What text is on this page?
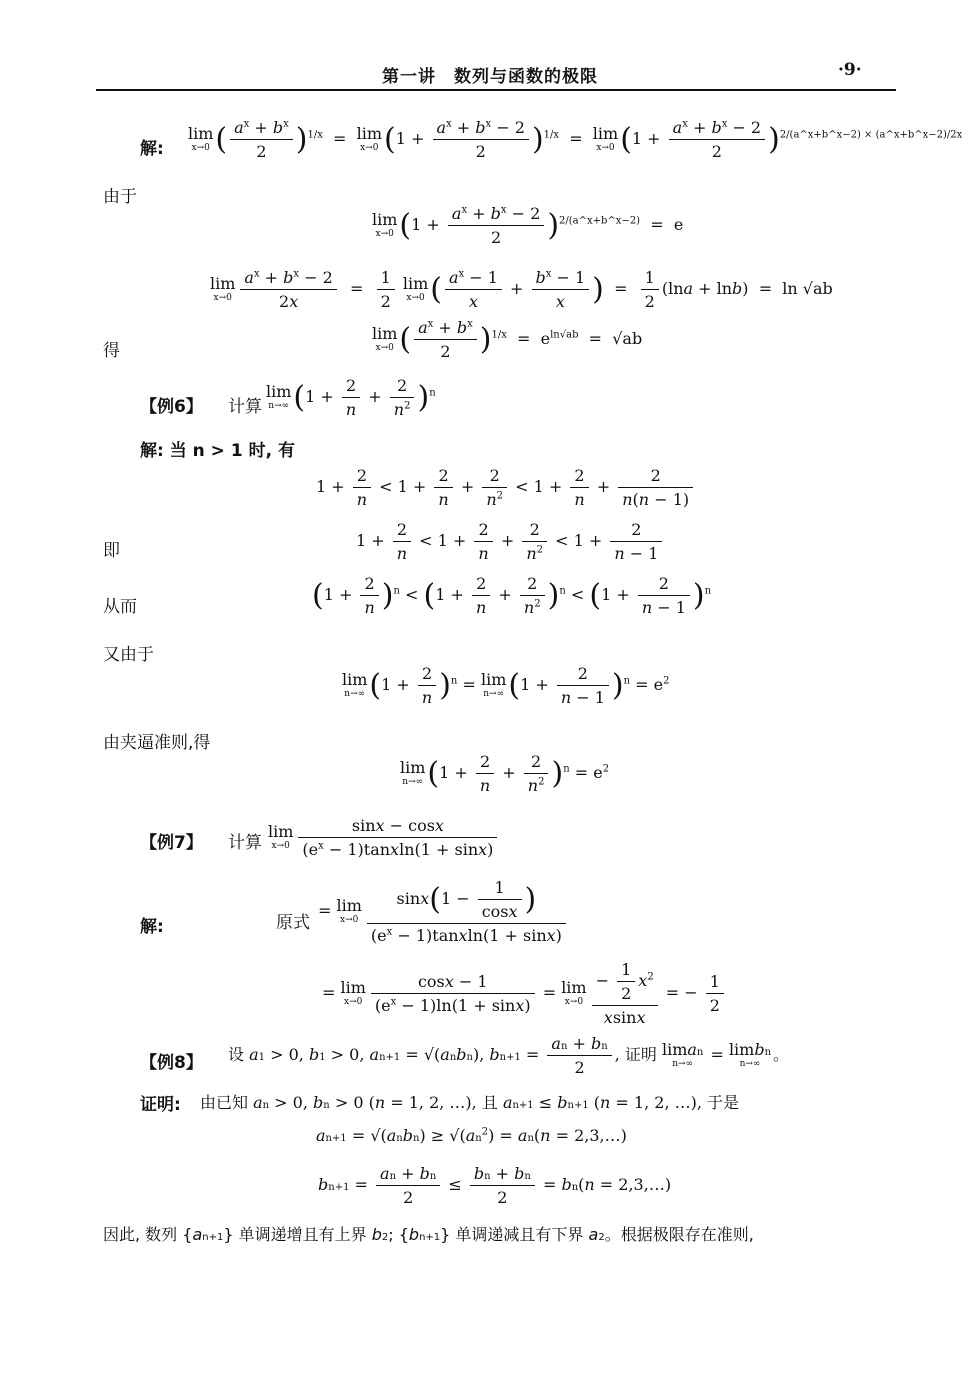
第一讲　数列与函数的极限	·9·
解:
lim
x→0 ( $\frac{a^x + b^x}{2} )^{1/x} = \lim$
x→0 $(1 + \frac{a^x + b^x - 2}{2} )^{1/x} = \lim$
x→0 $(1 + \frac{a^x + b^x - 2}{2} )^{2/(a\^{}x+b\^{}x-2) \times (a\^{}x+b\^{}x-2)/2x}$
由于
lim
x→0 $(1 + \frac{a^x + b^x - 2}{2} )^{2/(a\^{}x+b\^{}x-2)} = e$
lim
$x\to 0 \frac{a^x + b^x - 2}{2x} = \frac{1}{2}$
lim
x→0 ( $\frac{a^x - 1}{x} + \frac{b^x - 1}{x}$ )  = $\frac{1}{2} (\ln a + \ln b) = \ln √ab$
得
lim
x→0 ( $\frac{a^x + b^x}{2} )^{1/x} = e^{ln√ab} = √ab$
【例6】 计算
lim
n→∞ $(1 + \frac{2}{n} + \frac{2}{n^2} )^n$
解: 当 n > 1 时, 有
$1 + \frac{2}{n} < 1 + \frac{2}{n} + \frac{2}{n^2} < 1 + \frac{2}{n} + \frac{2}{n(n - 1)}$
即
$1 + \frac{2}{n} < 1 + \frac{2}{n} + \frac{2}{n^2} < 1 + \frac{2}{n - 1}$
从而	$(1 + \frac{2}{n} )^n < (1 + \frac{2}{n} + \frac{2}{n^2} )^n < (1 + \frac{2}{n - 1} )^n$
又由于
lim
n→∞ $(1 + \frac{2}{n} )^n = \lim$
n→∞ $(1 + \frac{2}{n - 1} )^n = e^2$
由夹逼准则,得
lim
n→∞ $(1 + \frac{2}{n} + \frac{2}{n^2} )^n = e^2$
【例7】 计算
lim
$x\to 0 \frac{\sin x - \cos x}{(e^x - 1)tanxln(1 + \sin x)}$
解:	原式
= lim
$x\to 0 \frac{\sin x(1 - \frac{1}{\cos x} )}{(e^x - 1)tanxln(1 + \sin x)}$
= lim
$x\to 0 \frac{\cos x - 1}{(e^x - 1)\ln(1 + \sin x)} = \lim$
$x\to 0 \frac{- \frac{1}{2} x^2}{xsinx}$ = − $\frac{1}{2}$
【例8】 设 a1 > 0, b1 > 0, an+1 = √(anbn), $bn+1 = \frac{an + bn}{2}$ , 证明 liman
n→∞ = limbn
n→∞ 。
证明: 由已知 an > 0, bn > 0 (n = 1, 2, …), 且 an+1 ≤ bn+1 (n = 1, 2, …), 于是
an+1 = √(anbn) ≥ $√(an^2) = an(n$ = 2,3,…)
$bn+1 = \frac{an + bn}{2} \le \frac{bn + bn}{2} = bn(n$ = 2,3,…)
因此, 数列 {an+1} 单调递增且有上界 b2; {bn+1} 单调递减且有下界 a2。根据极限存在准则,
